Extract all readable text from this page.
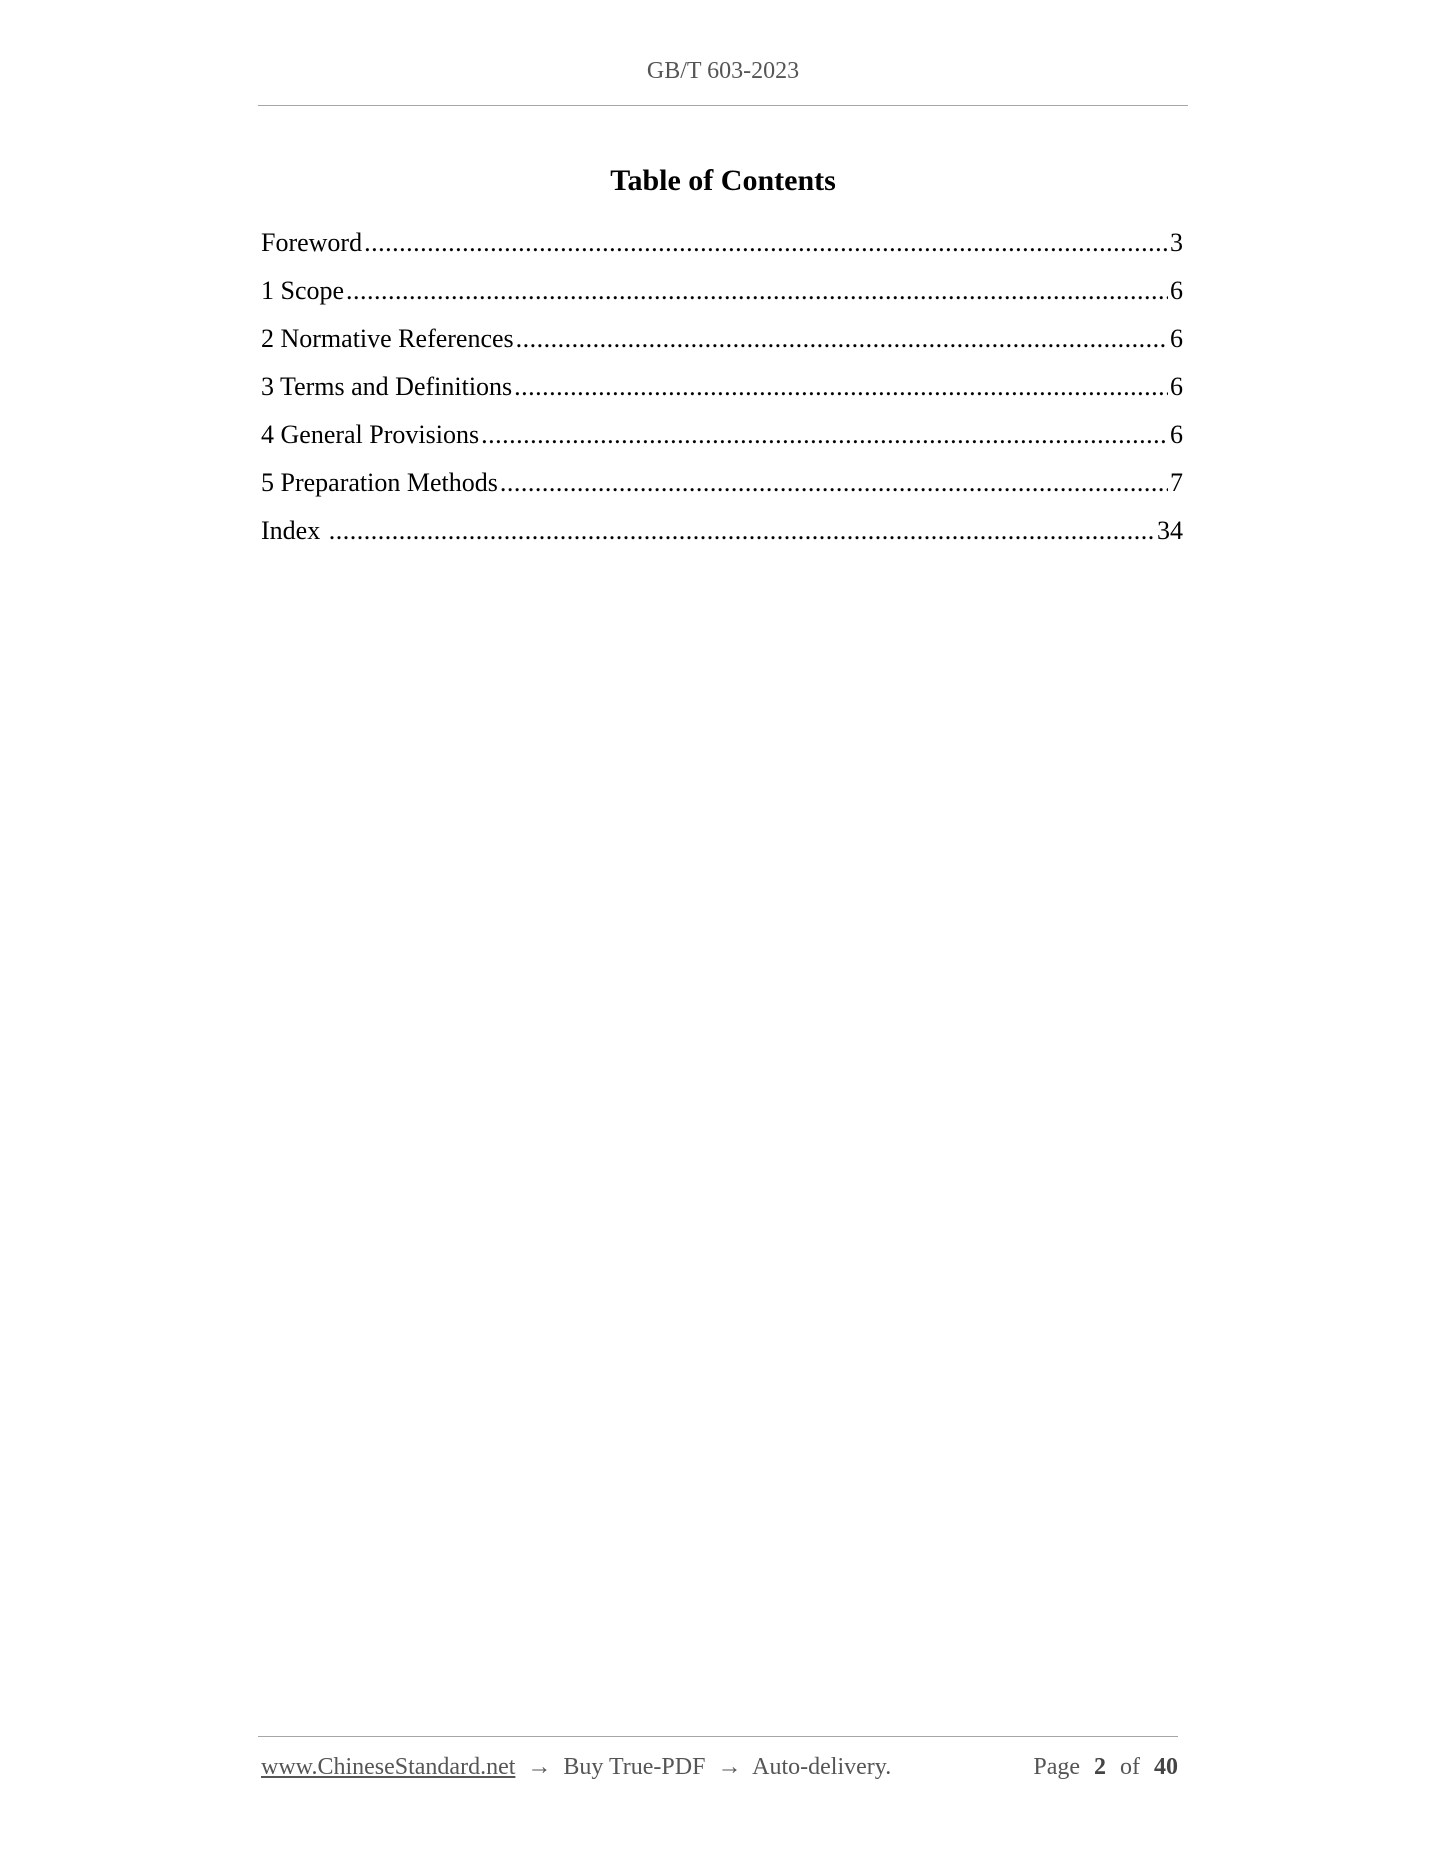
GB/T 603-2023
Table of Contents
Foreword .....	3
1 Scope .....	6
2 Normative References .....	6
3 Terms and Definitions .....	6
4 General Provisions .....	6
5 Preparation Methods .....	7
Index .....	34
www.ChineseStandard.net → Buy True-PDF → Auto-delivery.	Page 2 of 40
